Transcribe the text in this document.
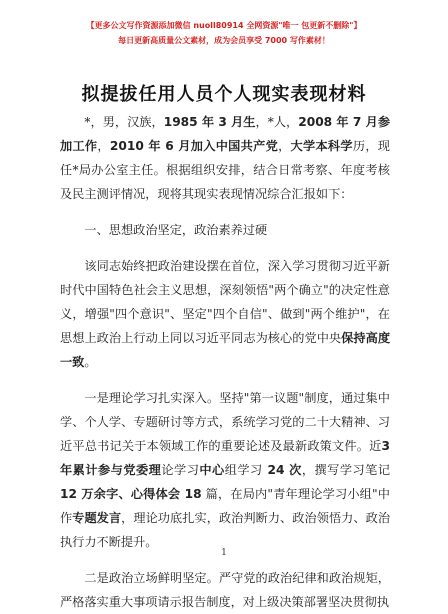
【更多公文写作资源添加微信 nuoll80914 全网资源"唯一 包更新不删除"】
每日更新高质量公文素材，成为会员享受 7000 写作素材！
拟提拔任用人员个人现实表现材料

*，男，汉族，1985 年 3 月生，*人，2008 年 7 月参加工作，2010 年 6 月加入中国共产党，大学本科学历，现任*局办公室主任。根据组织安排，结合日常考察、年度考核及民主测评情况，现将其现实表现情况综合汇报如下：

一、思想政治坚定，政治素养过硬

该同志始终把政治建设摆在首位，深入学习贯彻习近平新时代中国特色社会主义思想，深刻领悟"两个确立"的决定性意义，增强"四个意识"、坚定"四个自信"、做到"两个维护"，在思想上政治上行动上同以习近平同志为核心的党中央保持高度一致。

一是理论学习扎实深入。坚持"第一议题"制度，通过集中学、个人学、专题研讨等方式，系统学习党的二十大精神、习近平总书记关于本领域工作的重要论述及最新政策文件。近3 年累计参与党委理论学习中心组学习 24 次，撰写学习笔记 12 万余字、心得体会 18 篇，在局内"青年理论学习小组"中作专题发言，理论功底扎实，政治判断力、政治领悟力、政治执行力不断提升。

二是政治立场鲜明坚定。严守党的政治纪律和政治规矩，严格落实重大事项请示报告制度，对上级决策部署坚决贯彻执

1
